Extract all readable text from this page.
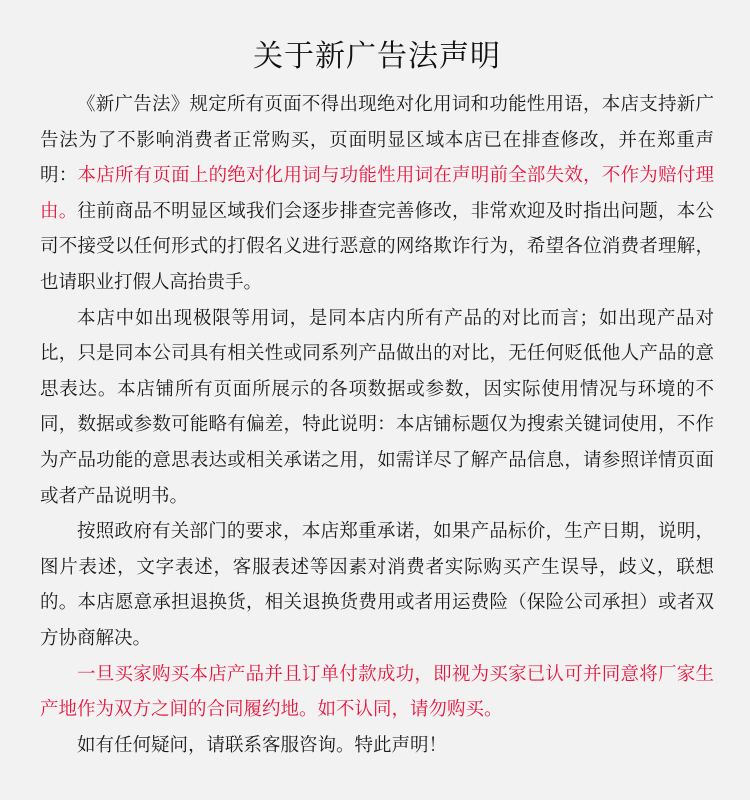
关于新广告法声明

《新广告法》规定所有页面不得出现绝对化用词和功能性用语，本店支持新广告法为了不影响消费者正常购买，页面明显区域本店已在排查修改，并在郑重声明：本店所有页面上的绝对化用词与功能性用词在声明前全部失效，不作为赔付理由。往前商品不明显区域我们会逐步排查完善修改，非常欢迎及时指出问题，本公司不接受以任何形式的打假名义进行恶意的网络欺诈行为，希望各位消费者理解，也请职业打假人高抬贵手。

本店中如出现极限等用词，是同本店内所有产品的对比而言；如出现产品对比，只是同本公司具有相关性或同系列产品做出的对比，无任何贬低他人产品的意思表达。本店铺所有页面所展示的各项数据或参数，因实际使用情况与环境的不同，数据或参数可能略有偏差，特此说明：本店铺标题仅为搜索关键词使用，不作为产品功能的意思表达或相关承诺之用，如需详尽了解产品信息，请参照详情页面或者产品说明书。

按照政府有关部门的要求，本店郑重承诺，如果产品标价，生产日期，说明，图片表述，文字表述，客服表述等因素对消费者实际购买产生误导，歧义，联想的。本店愿意承担退换货，相关退换货费用或者用运费险（保险公司承担）或者双方协商解决。

一旦买家购买本店产品并且订单付款成功，即视为买家已认可并同意将厂家生产地作为双方之间的合同履约地。如不认同，请勿购买。

如有任何疑问，请联系客服咨询。特此声明！
